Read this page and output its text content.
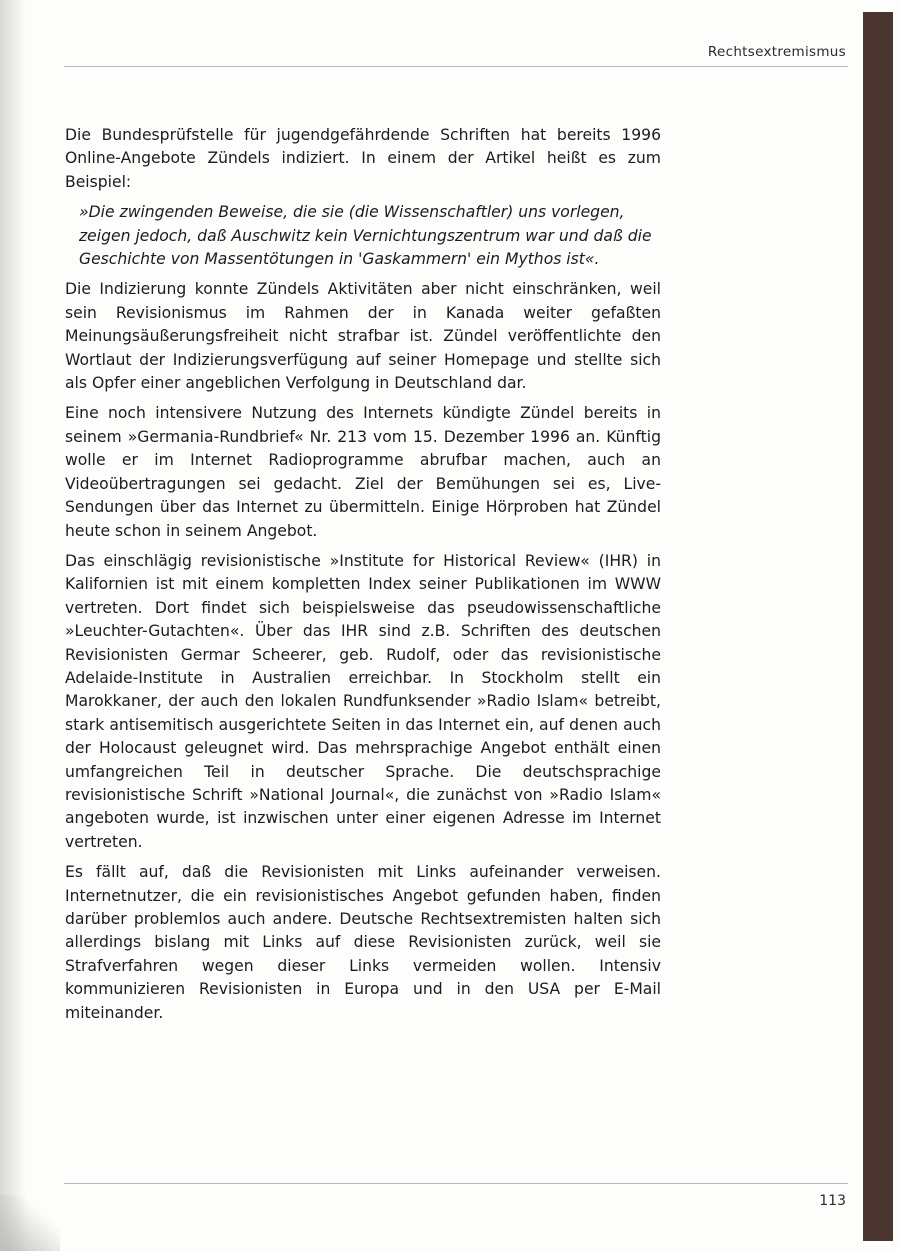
Rechtsextremismus

Die Bundesprüfstelle für jugendgefährdende Schriften hat bereits 1996 Online-Angebote Zündels indiziert. In einem der Artikel heißt es zum Beispiel:

»Die zwingenden Beweise, die sie (die Wissenschaftler) uns vorlegen, zeigen jedoch, daß Auschwitz kein Vernichtungszentrum war und daß die Geschichte von Massentötungen in 'Gaskammern' ein Mythos ist«.

Die Indizierung konnte Zündels Aktivitäten aber nicht einschränken, weil sein Revisionismus im Rahmen der in Kanada weiter gefaßten Meinungsäußerungsfreiheit nicht strafbar ist. Zündel veröffentlichte den Wortlaut der Indizierungsverfügung auf seiner Homepage und stellte sich als Opfer einer angeblichen Verfolgung in Deutschland dar.

Eine noch intensivere Nutzung des Internets kündigte Zündel bereits in seinem »Germania-Rundbrief« Nr. 213 vom 15. Dezember 1996 an. Künftig wolle er im Internet Radioprogramme abrufbar machen, auch an Videoübertragungen sei gedacht. Ziel der Bemühungen sei es, Live-Sendungen über das Internet zu übermitteln. Einige Hörproben hat Zündel heute schon in seinem Angebot.

Das einschlägig revisionistische »Institute for Historical Review« (IHR) in Kalifornien ist mit einem kompletten Index seiner Publikationen im WWW vertreten. Dort findet sich beispielsweise das pseudowissenschaftliche »Leuchter-Gutachten«. Über das IHR sind z.B. Schriften des deutschen Revisionisten Germar Scheerer, geb. Rudolf, oder das revisionistische Adelaide-Institute in Australien erreichbar. In Stockholm stellt ein Marokkaner, der auch den lokalen Rundfunksender »Radio Islam« betreibt, stark antisemitisch ausgerichtete Seiten in das Internet ein, auf denen auch der Holocaust geleugnet wird. Das mehrsprachige Angebot enthält einen umfangreichen Teil in deutscher Sprache. Die deutschsprachige revisionistische Schrift »National Journal«, die zunächst von »Radio Islam« angeboten wurde, ist inzwischen unter einer eigenen Adresse im Internet vertreten.

Es fällt auf, daß die Revisionisten mit Links aufeinander verweisen. Internetnutzer, die ein revisionistisches Angebot gefunden haben, finden darüber problemlos auch andere. Deutsche Rechtsextremisten halten sich allerdings bislang mit Links auf diese Revisionisten zurück, weil sie Strafverfahren wegen dieser Links vermeiden wollen. Intensiv kommunizieren Revisionisten in Europa und in den USA per E-Mail miteinander.

113
